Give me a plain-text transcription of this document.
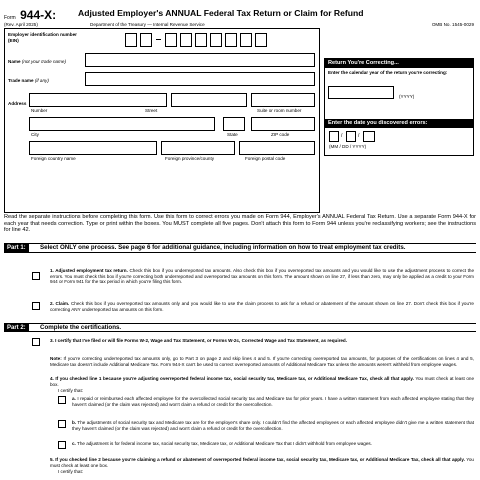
Form 944-X:	Adjusted Employer's ANNUAL Federal Tax Return or Claim for Refund
(Rev. April 2025)	Department of the Treasury — Internal Revenue Service	OMB No. 1545-0029
Employer identification number
(EIN)
Name (not your trade name)
Trade name (if any)
Address
Number	Street	Suite or room number
City	State	ZIP code
Foreign country name	Foreign province/county	Foreign postal code
Return You're Correcting...
Enter the calendar year of the return you're correcting:
(YYYY)
Enter the date you discovered errors:
/	/
(MM / DD / YYYY)
Read the separate instructions before completing this form. Use this form to correct errors you made on Form 944, Employer's ANNUAL Federal Tax Return. Use a separate Form 944-X for each year that needs correction. Type or print within the boxes. You MUST complete all five pages. Don't attach this form to Form 944 unless you're reclassifying workers; see the instructions for line 42.
Part 1:	Select ONLY one process. See page 6 for additional guidance, including information on how to treat employment tax credits.
1. Adjusted employment tax return. Check this box if you underreported tax amounts. Also check this box if you overreported tax amounts and you would like to use the adjustment process to correct the errors. You must check this box if you're correcting both underreported and overreported tax amounts on this form. The amount shown on line 27, if less than zero, may only be applied as a credit to your Form 944 or Form 941 for the tax period in which you're filing this form.
2. Claim. Check this box if you overreported tax amounts only and you would like to use the claim process to ask for a refund or abatement of the amount shown on line 27. Don't check this box if you're correcting ANY underreported tax amounts on this form.
Part 2:	Complete the certifications.
3. I certify that I've filed or will file Forms W-2, Wage and Tax Statement, or Forms W-2c, Corrected Wage and Tax Statement, as required.
Note: If you're correcting underreported tax amounts only, go to Part 3 on page 2 and skip lines 4 and 5. If you're correcting overreported tax amounts, for purposes of the certifications on lines 4 and 5, Medicare tax doesn't include Additional Medicare Tax. Form 944-X can't be used to correct overreported amounts of Additional Medicare Tax unless the amounts weren't withheld from employee wages.
4. If you checked line 1 because you're adjusting overreported federal income tax, social security tax, Medicare tax, or Additional Medicare Tax, check all that apply. You must check at least one box.
I certify that:
a. I repaid or reimbursed each affected employee for the overcollected social security tax and Medicare tax for prior years. I have a written statement from each affected employee stating that they haven't claimed (or the claim was rejected) and won't claim a refund or credit for the overcollection.
b. The adjustments of social security tax and Medicare tax are for the employer's share only. I couldn't find the affected employees or each affected employee didn't give me a written statement that they haven't claimed (or the claim was rejected) and won't claim a refund or credit for the overcollection.
c. The adjustment is for federal income tax, social security tax, Medicare tax, or Additional Medicare Tax that I didn't withhold from employee wages.
5. If you checked line 2 because you're claiming a refund or abatement of overreported federal income tax, social security tax, Medicare tax, or Additional Medicare Tax, check all that apply. You must check at least one box.
I certify that:
